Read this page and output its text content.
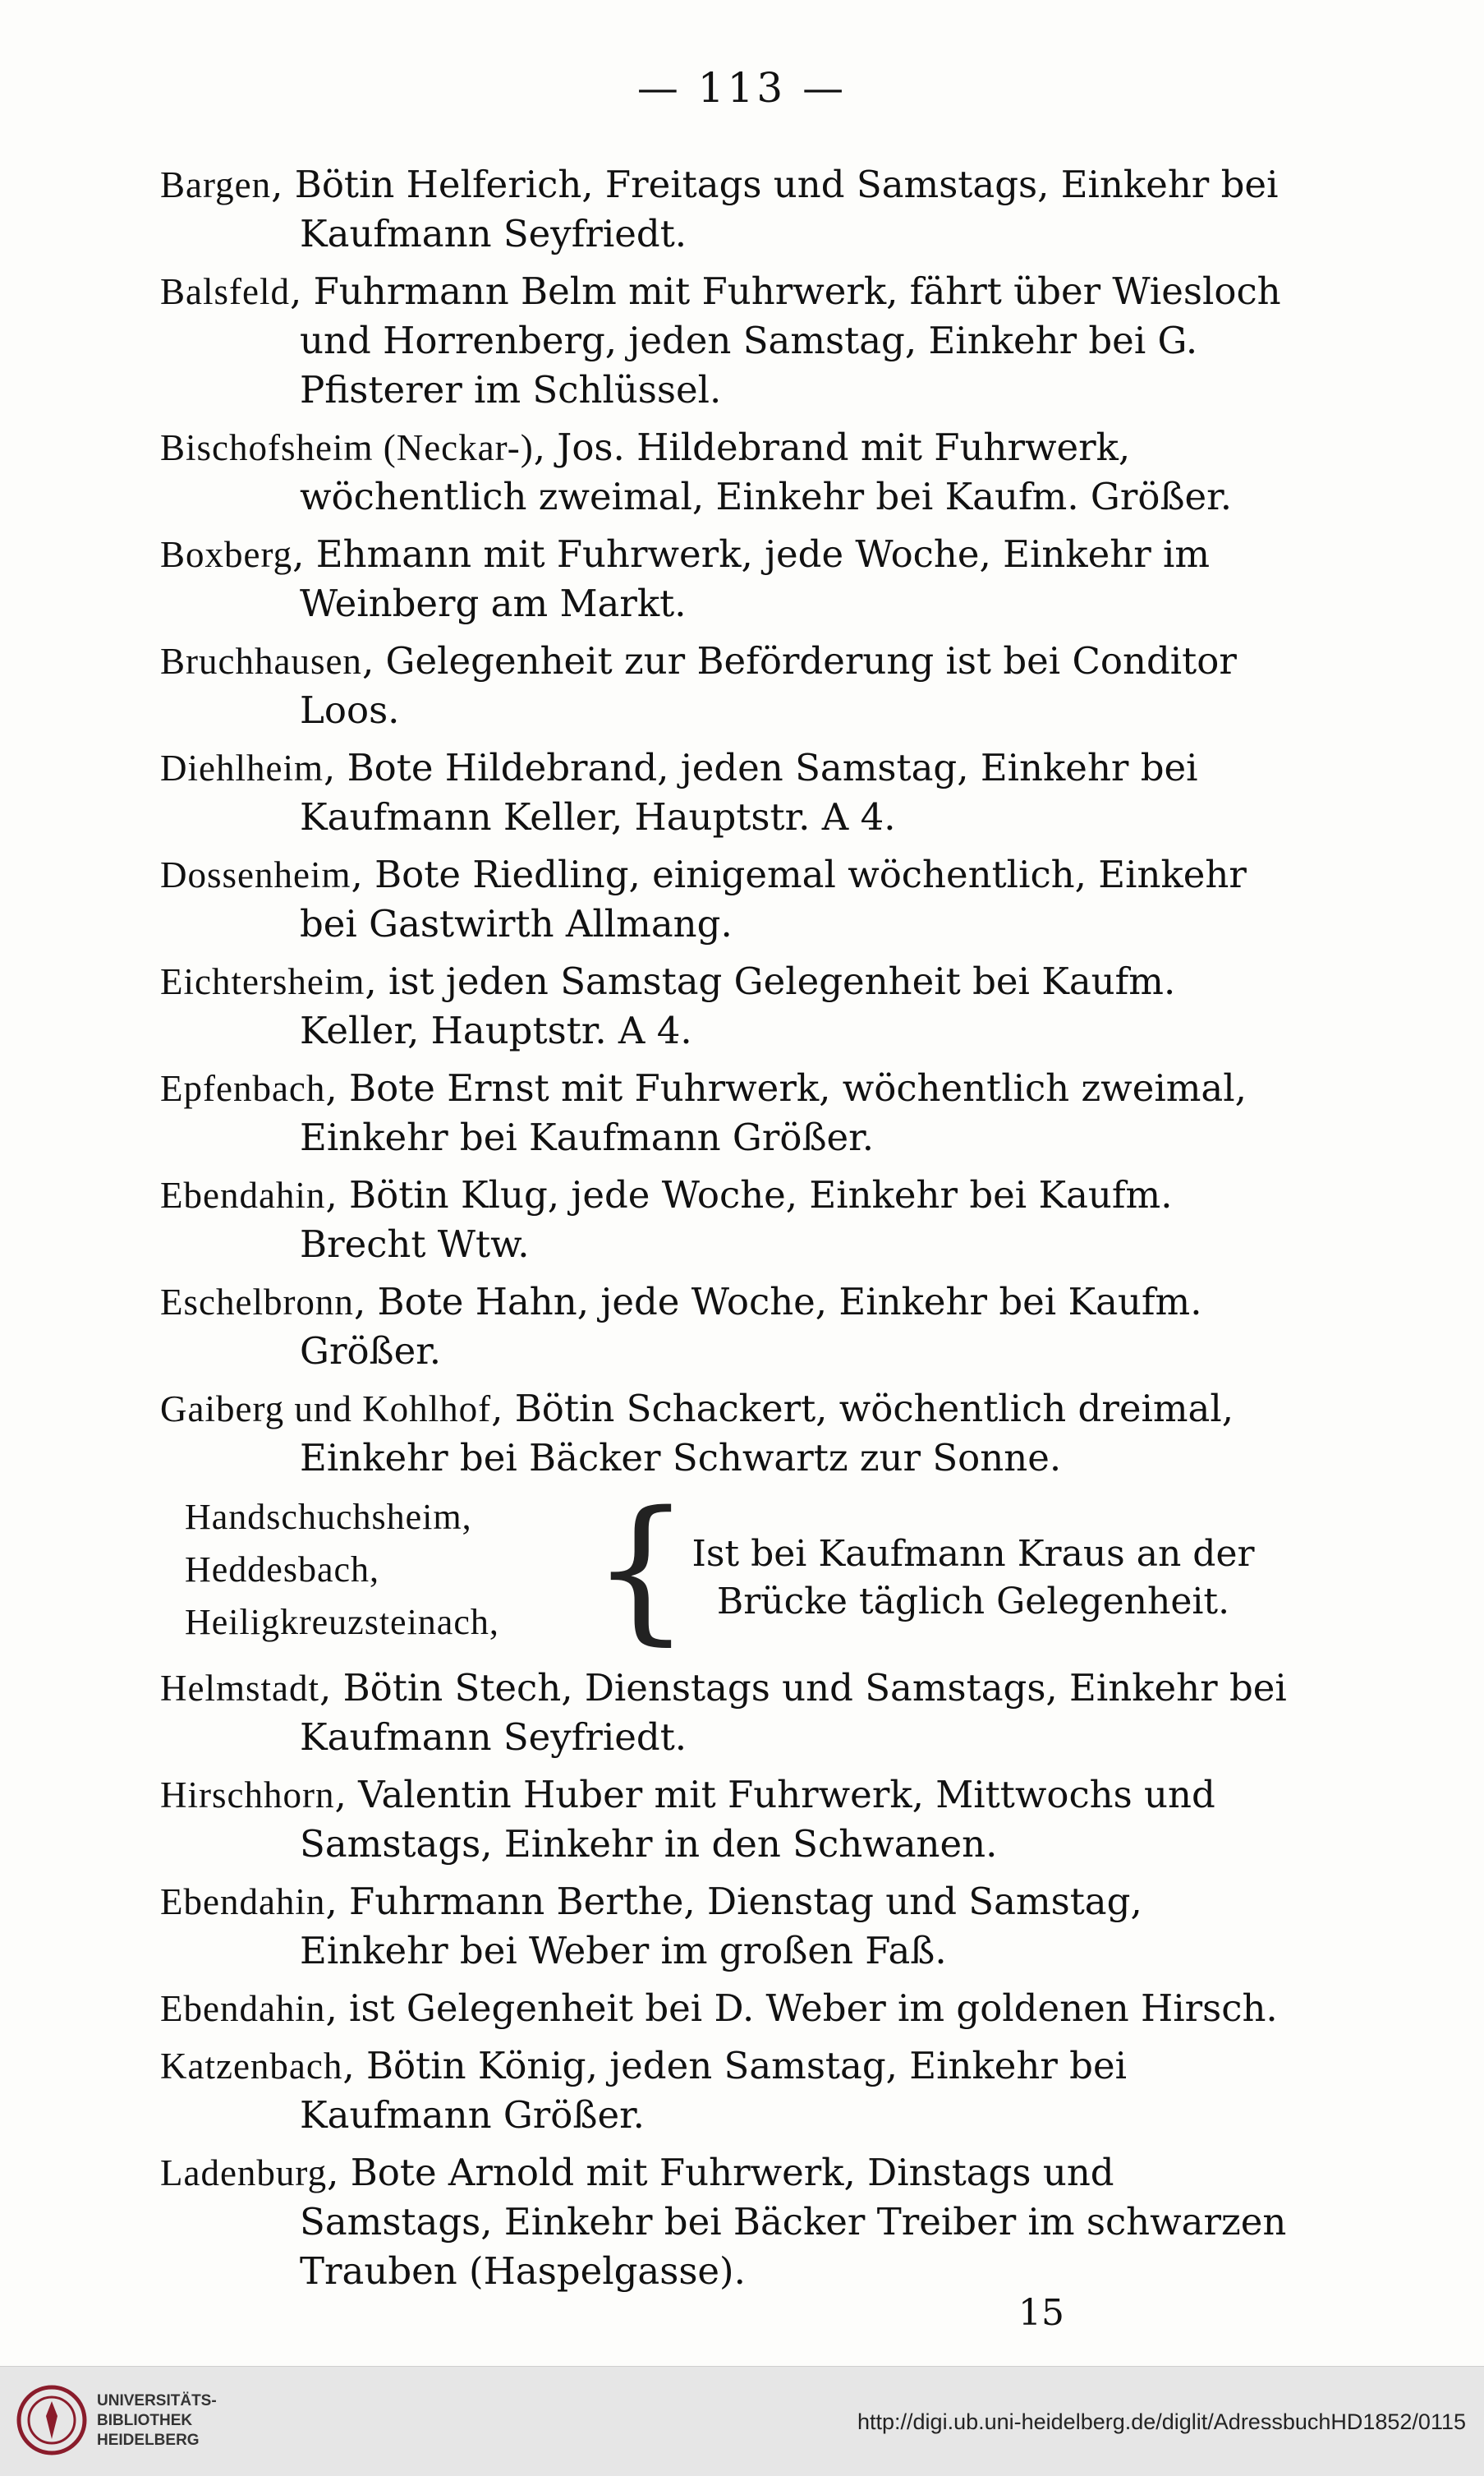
— 113 —
Bargen, Bötin Helferich, Freitags und Samstags, Einkehr bei Kaufmann Seyfriedt.
Balsfeld, Fuhrmann Belm mit Fuhrwerk, fährt über Wiesloch und Horrenberg, jeden Samstag, Einkehr bei G. Pfisterer im Schlüssel.
Bischofsheim (Neckar-), Jos. Hildebrand mit Fuhrwerk, wöchentlich zweimal, Einkehr bei Kaufm. Größer.
Boxberg, Ehmann mit Fuhrwerk, jede Woche, Einkehr im Weinberg am Markt.
Bruchhausen, Gelegenheit zur Beförderung ist bei Conditor Loos.
Diehlheim, Bote Hildebrand, jeden Samstag, Einkehr bei Kaufmann Keller, Hauptstr. A 4.
Dossenheim, Bote Riedling, einigemal wöchentlich, Einkehr bei Gastwirth Allmang.
Eichtersheim, ist jeden Samstag Gelegenheit bei Kaufm. Keller, Hauptstr. A 4.
Epfenbach, Bote Ernst mit Fuhrwerk, wöchentlich zweimal, Einkehr bei Kaufmann Größer.
Ebendahin, Bötin Klug, jede Woche, Einkehr bei Kaufm. Brecht Wtw.
Eschelbronn, Bote Hahn, jede Woche, Einkehr bei Kaufm. Größer.
Gaiberg und Kohlhof, Bötin Schackert, wöchentlich dreimal, Einkehr bei Bäcker Schwartz zur Sonne.
Handschuchsheim,
Heddesbach,
Heiligkreuzsteinach, { Ist bei Kaufmann Kraus an der Brücke täglich Gelegenheit.
Helmstadt, Bötin Stech, Dienstags und Samstags, Einkehr bei Kaufmann Seyfriedt.
Hirschhorn, Valentin Huber mit Fuhrwerk, Mittwochs und Samstags, Einkehr in den Schwanen.
Ebendahin, Fuhrmann Berthe, Dienstag und Samstag, Einkehr bei Weber im großen Faß.
Ebendahin, ist Gelegenheit bei D. Weber im goldenen Hirsch.
Katzenbach, Bötin König, jeden Samstag, Einkehr bei Kaufmann Größer.
Ladenburg, Bote Arnold mit Fuhrwerk, Dinstags und Samstags, Einkehr bei Bäcker Treiber im schwarzen Trauben (Haspelgasse).
15
UNIVERSITÄTS-
BIBLIOTHEK
HEIDELBERG
http://digi.ub.uni-heidelberg.de/diglit/AdressbuchHD1852/0115
